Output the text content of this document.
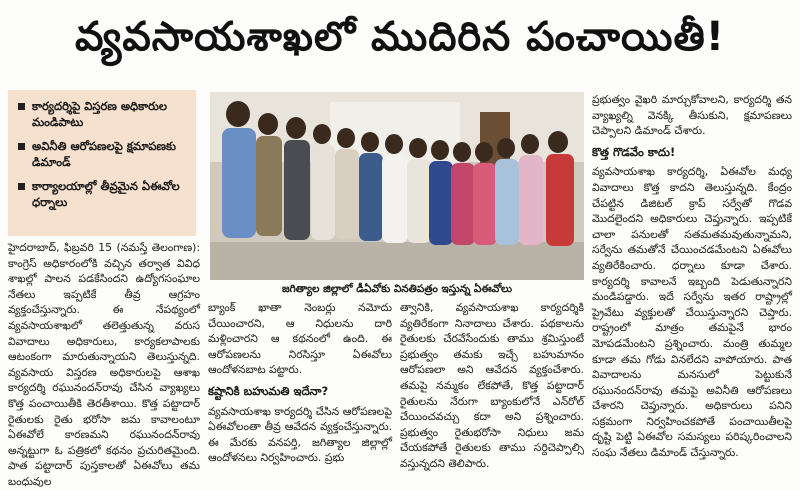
వ్యవసాయశాఖలో ముదిరిన పంచాయితీ!
కార్యదర్శిపై విస్తరణ అధికారుల మండిపాటు
అవినీతి ఆరోపణలపై క్షమాపణకు డిమాండ్
కార్యాలయాల్లో తీవ్రమైన ఏఈవోల ధర్నాలు
జగిత్యాల జిల్లాలో డీఏవోకు వినతిపత్రం ఇస్తున్న ఏఈవోలు

హైదరాబాద్, ఫిబ్రవరి 15 (నమస్తే తెలంగాణ): కాంగ్రెస్ అధికారంలోకి వచ్చిన తర్వాత వివిధ శాఖల్లో పాలన పడకేసిందని ఉద్యోగసంఘాల నేతలు ఇప్పటికే తీవ్ర ఆగ్రహం వ్యక్తంచేస్తున్నారు. ఈ నేపథ్యంలో వ్యవసాయశాఖలో తలెత్తుతున్న వరుస వివాదాలు అధికారులు, కార్యకలాపాలకు ఆటంకంగా మారుతున్నాయని తెలుస్తున్నది. వ్యవసాయ విస్తరణ అధికారులపై ఆశాఖ కార్యదర్శి రఘునందన్‌రావు చేసిన వ్యాఖ్యలు కొత్త పంచాయితీకి తెరతీశాయి. కొత్త పట్టాదార్ రైతులకు రైతు భరోసా జమ కావాలంటూ ఏఈవోలే కారణమని రఘునందన్‌రావు అన్నట్టుగా ఓ పత్రికలో కథనం ప్రచురితమైంది. పాత పట్టాదార్ పుస్తకాలతో ఏఈవోలు తమ బంధువుల

బ్యాంక్ ఖాతా నెంబర్లు నమోదు చేయించారని, ఆ నిధులను దారి మళ్లించారని ఆ కథనంలో ఉంది. ఈ ఆరోపణలను నిరసిస్తూ ఏఈవోలు ఆందోళనబాట పట్టారు.

కష్టానికి బహుమతి ఇదేనా?

వ్యవసాయశాఖ కార్యదర్శి చేసిన ఆరోపణలపై ఏఈవోలంతా తీవ్ర ఆవేదన వ్యక్తంచేస్తున్నారు. ఈ మేరకు వనపర్తి, జగిత్యాల జిల్లాల్లో ఆందోళనలు నిర్వహించారు. ప్రభు

త్వానికి, వ్యవసాయశాఖ కార్యదర్శికి వ్యతిరేకంగా నినాదాలు చేశారు. పథకాలను రైతులకు చేరవేసేందుకు తాము శ్రమిస్తుంటే ప్రభుత్వం తమకు ఇచ్చే బహుమానం ఆరోపణలా అని ఆవేదన వ్యక్తంచేశారు. తమపై నమ్మకం లేకపోతే, కొత్త పట్టాదార్ రైతులను నేరుగా బ్యాంకులోనే ఎన్‌రోల్ చేయించవచ్చు కదా అని ప్రశ్నించారు. ప్రభుత్వం రైతుభరోసా నిధులు జమ చేయకపోతే రైతులకు తాము సర్దిచెప్పాల్సి వస్తున్నదని తెలిపారు.

ప్రభుత్వం వైఖరి మార్చుకోవాలని, కార్యదర్శి తన వ్యాఖ్యల్ని వెనక్కి తీసుకుని, క్షమాపణలు చెప్పాలని డిమాండ్ చేశారు.

కొత్త గొడవేం కాదు!

వ్యవసాయశాఖ కార్యదర్శి, ఏఈవోల మధ్య వివాదాలు కొత్త కాదని తెలుస్తున్నది. కేంద్రం చేపట్టిన డిజిటల్ క్రాప్ సర్వేతో గొడవ మొదలైందని అధికారులు చెప్తున్నారు. ఇప్పటికే చాలా పనులతో సతమతమవుతున్నామని, సర్వేను తమతోనే చేయించడమేంటని ఏఈవోలు వ్యతిరేకించారు. ధర్నాలు కూడా చేశారు. కార్యదర్శి కావాలనే ఇబ్బంది పెడుతున్నారని మండిపడ్డారు. ఇదే సర్వేను ఇతర రాష్ట్రాల్లో ప్రైవేటు వ్యక్తులతో చేయిస్తున్నారని చెప్తారు. రాష్ట్రంలో మాత్రం తమపైనే భారం మోపడమేంటని ప్రశ్నించారు. మంత్రి తుమ్మల కూడా తమ గోడు వినలేదని వాపోయారు. పాత వివాదాలను మనసులో పెట్టుకునే రఘునందన్‌రావు తమపై అవినీతి ఆరోపణలు చేశారని చెప్తున్నారు. అధికారులు పనిని సక్రమంగా నిర్వహించకపోతే పంచాయితీలపై దృష్టి పెట్టి ఏఈవోల సమస్యలు పరిష్కరించాలని సంఘ నేతలు డిమాండ్ చేస్తున్నారు.
